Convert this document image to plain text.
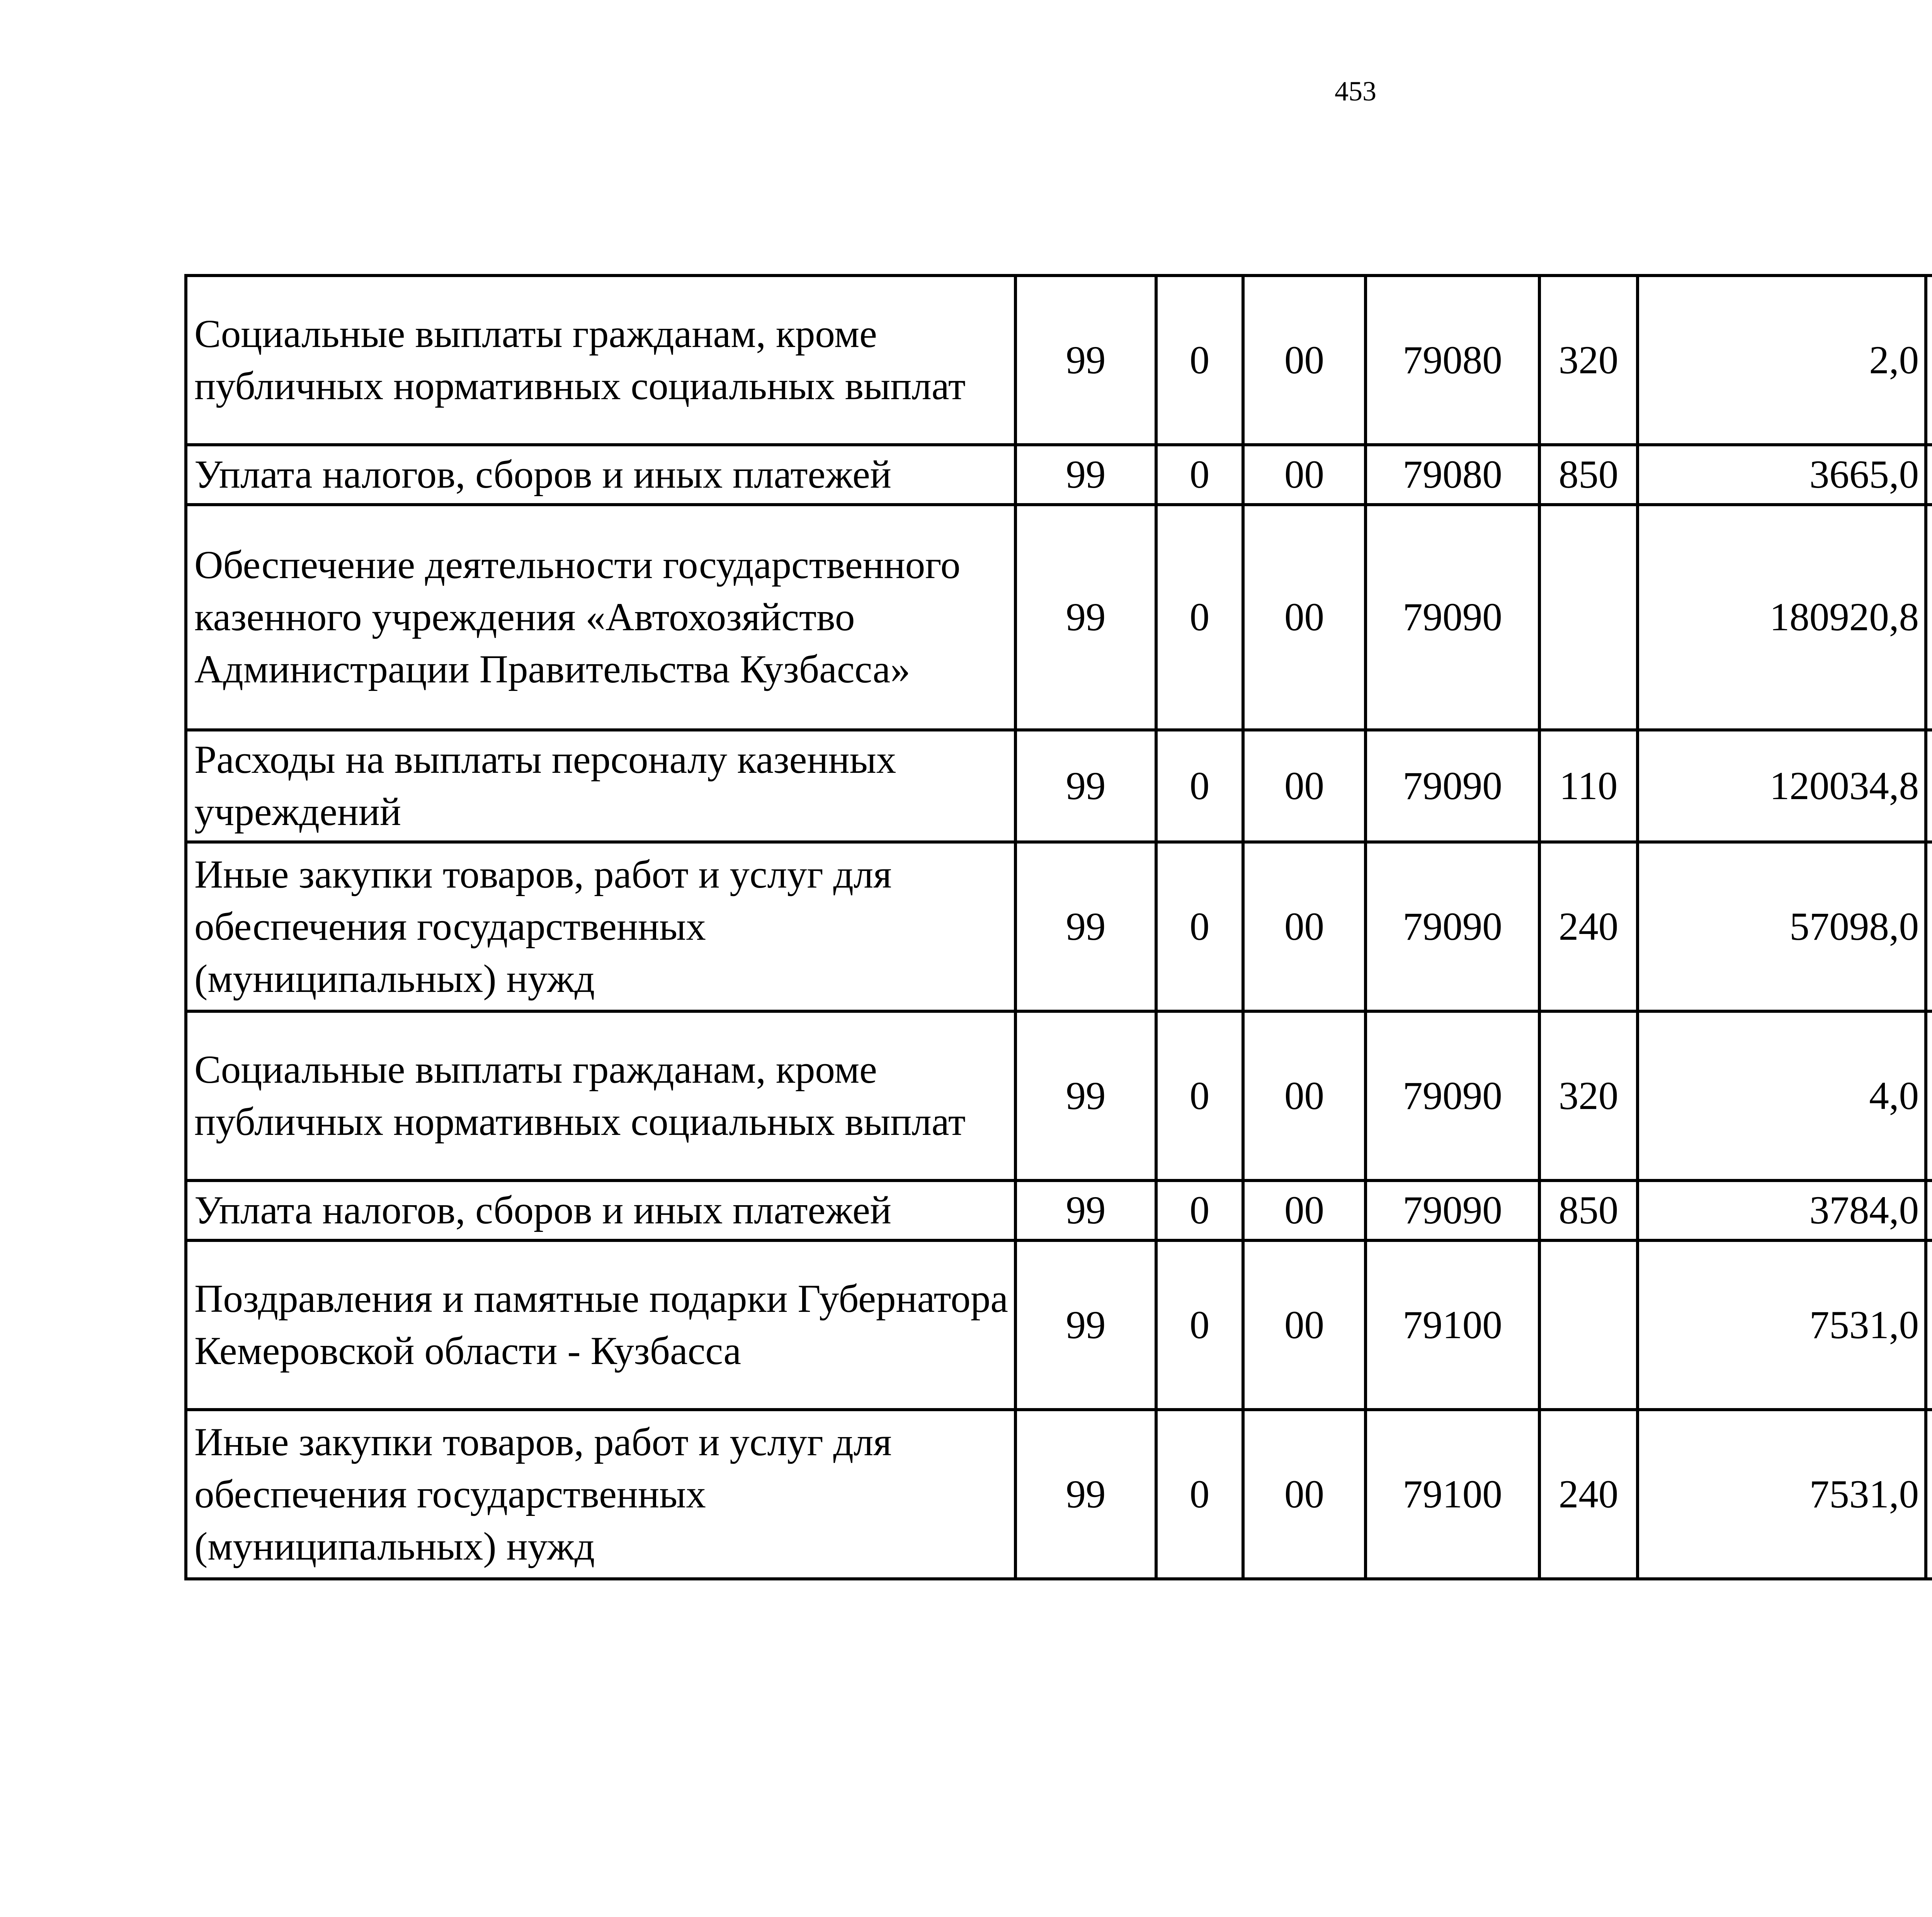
453
Социальные выплаты гражданам, кроме публичных нормативных социальных выплат	99	0	00	79080	320	2,0		
Уплата налогов, сборов и иных платежей	99	0	00	79080	850	3665,0		
Обеспечение деятельности государственного казенного учреждения «Автохозяйство Администрации Правительства Кузбасса»	99	0	00	79090		180920,8		
Расходы на выплаты персоналу казенных учреждений	99	0	00	79090	110	120034,8		
Иные закупки товаров, работ и услуг для обеспечения государственных (муниципальных) нужд	99	0	00	79090	240	57098,0		
Социальные выплаты гражданам, кроме публичных нормативных социальных выплат	99	0	00	79090	320	4,0		
Уплата налогов, сборов и иных платежей	99	0	00	79090	850	3784,0		
Поздравления и памятные подарки Губернатора Кемеровской области - Кузбасса	99	0	00	79100		7531,0		
Иные закупки товаров, работ и услуг для обеспечения государственных (муниципальных) нужд	99	0	00	79100	240	7531,0		
